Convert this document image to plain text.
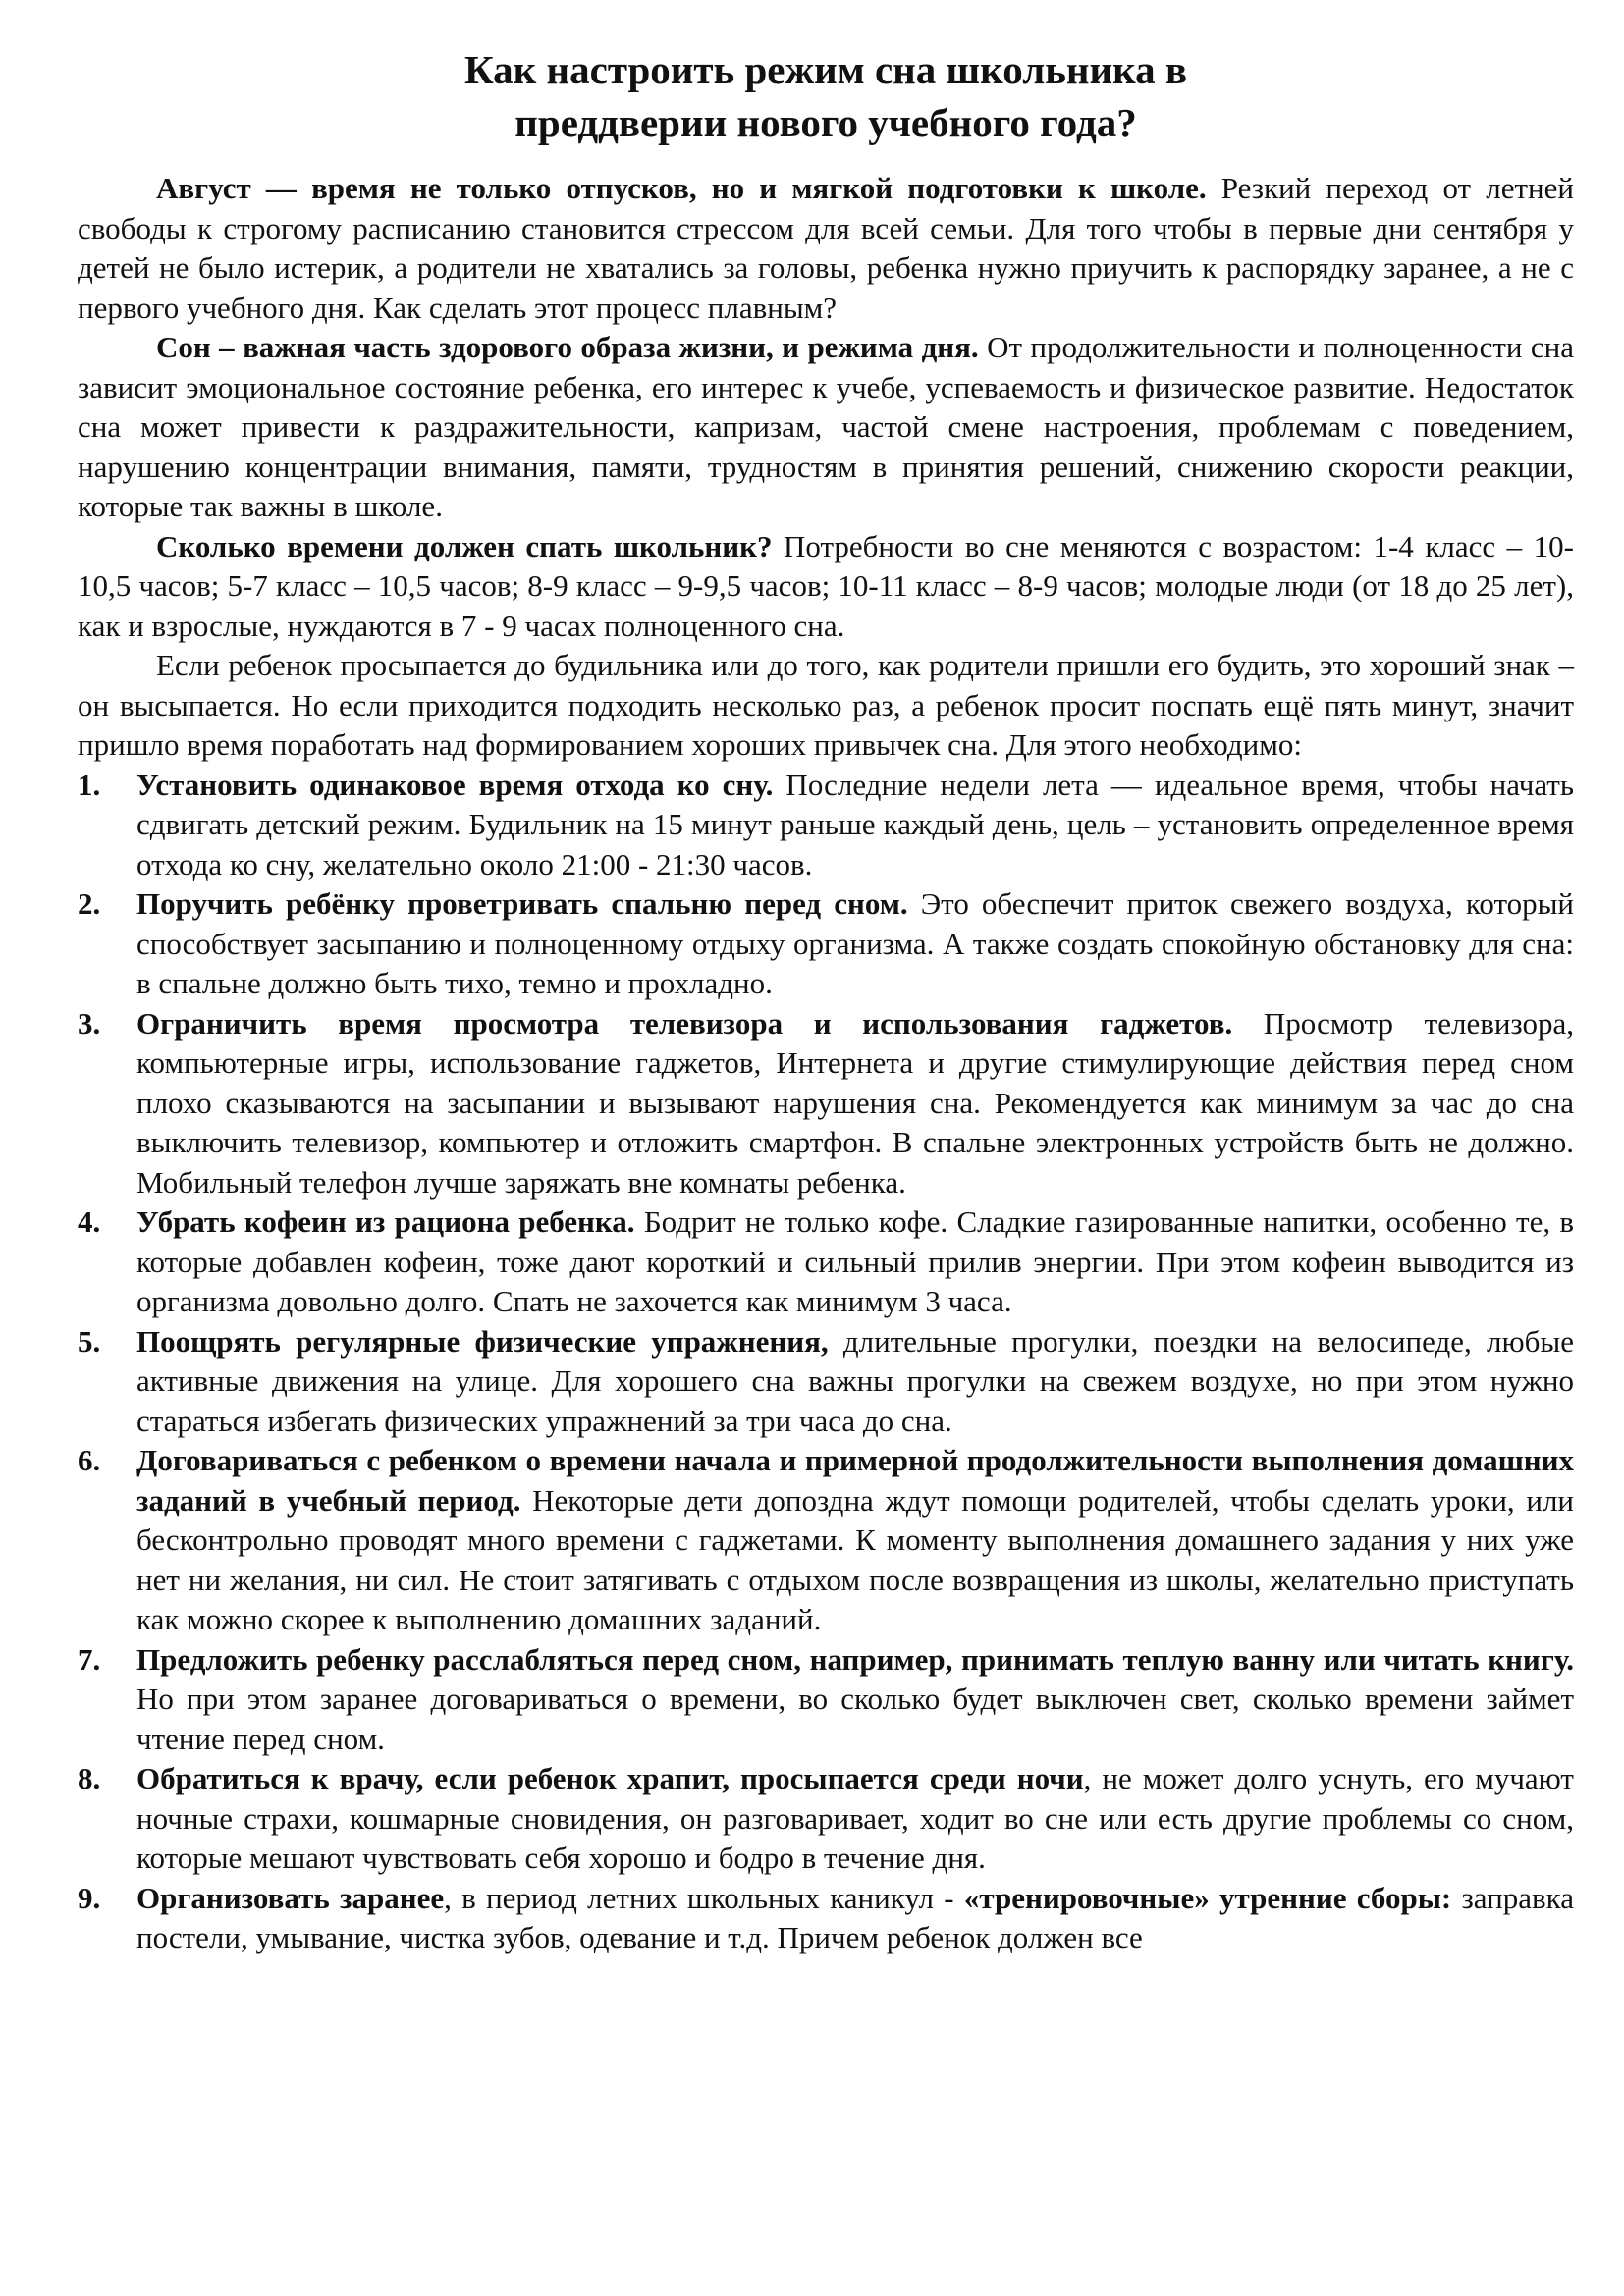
Как настроить режим сна школьника в
преддверии нового учебного года?

Август — время не только отпусков, но и мягкой подготовки к школе. Резкий переход от летней свободы к строгому расписанию становится стрессом для всей семьи. Для того чтобы в первые дни сентября у детей не было истерик, а родители не хватались за головы, ребенка нужно приучить к распорядку заранее, а не с первого учебного дня. Как сделать этот процесс плавным?

Сон – важная часть здорового образа жизни, и режима дня. От продолжительности и полноценности сна зависит эмоциональное состояние ребенка, его интерес к учебе, успеваемость и физическое развитие. Недостаток сна может привести к раздражительности, капризам, частой смене настроения, проблемам с поведением, нарушению концентрации внимания, памяти, трудностям в принятия решений, снижению скорости реакции, которые так важны в школе.

Сколько времени должен спать школьник? Потребности во сне меняются с возрастом: 1-4 класс – 10-10,5 часов; 5-7 класс – 10,5 часов; 8-9 класс – 9-9,5 часов; 10-11 класс – 8-9 часов; молодые люди (от 18 до 25 лет), как и взрослые, нуждаются в 7 - 9 часах полноценного сна.

Если ребенок просыпается до будильника или до того, как родители пришли его будить, это хороший знак – он высыпается. Но если приходится подходить несколько раз, а ребенок просит поспать ещё пять минут, значит пришло время поработать над формированием хороших привычек сна. Для этого необходимо:

1.	Установить одинаковое время отхода ко сну. Последние недели лета — идеальное время, чтобы начать сдвигать детский режим. Будильник на 15 минут раньше каждый день, цель – установить определенное время отхода ко сну, желательно около 21:00 - 21:30 часов.
2.	Поручить ребёнку проветривать спальню перед сном. Это обеспечит приток свежего воздуха, который способствует засыпанию и полноценному отдыху организма. А также создать спокойную обстановку для сна: в спальне должно быть тихо, темно и прохладно.
3.	Ограничить время просмотра телевизора и использования гаджетов. Просмотр телевизора, компьютерные игры, использование гаджетов, Интернета и другие стимулирующие действия перед сном плохо сказываются на засыпании и вызывают нарушения сна. Рекомендуется как минимум за час до сна выключить телевизор, компьютер и отложить смартфон. В спальне электронных устройств быть не должно. Мобильный телефон лучше заряжать вне комнаты ребенка.
4.	Убрать кофеин из рациона ребенка. Бодрит не только кофе. Сладкие газированные напитки, особенно те, в которые добавлен кофеин, тоже дают короткий и сильный прилив энергии. При этом кофеин выводится из организма довольно долго. Спать не захочется как минимум 3 часа.
5.	Поощрять регулярные физические упражнения, длительные прогулки, поездки на велосипеде, любые активные движения на улице. Для хорошего сна важны прогулки на свежем воздухе, но при этом нужно стараться избегать физических упражнений за три часа до сна.
6.	Договариваться с ребенком о времени начала и примерной продолжительности выполнения домашних заданий в учебный период. Некоторые дети допоздна ждут помощи родителей, чтобы сделать уроки, или бесконтрольно проводят много времени с гаджетами. К моменту выполнения домашнего задания у них уже нет ни желания, ни сил. Не стоит затягивать с отдыхом после возвращения из школы, желательно приступать как можно скорее к выполнению домашних заданий.
7.	Предложить ребенку расслабляться перед сном, например, принимать теплую ванну или читать книгу. Но при этом заранее договариваться о времени, во сколько будет выключен свет, сколько времени займет чтение перед сном.
8.	Обратиться к врачу, если ребенок храпит, просыпается среди ночи, не может долго уснуть, его мучают ночные страхи, кошмарные сновидения, он разговаривает, ходит во сне или есть другие проблемы со сном, которые мешают чувствовать себя хорошо и бодро в течение дня.
9.	Организовать заранее, в период летних школьных каникул - «тренировочные» утренние сборы: заправка постели, умывание, чистка зубов, одевание и т.д. Причем ребенок должен все
